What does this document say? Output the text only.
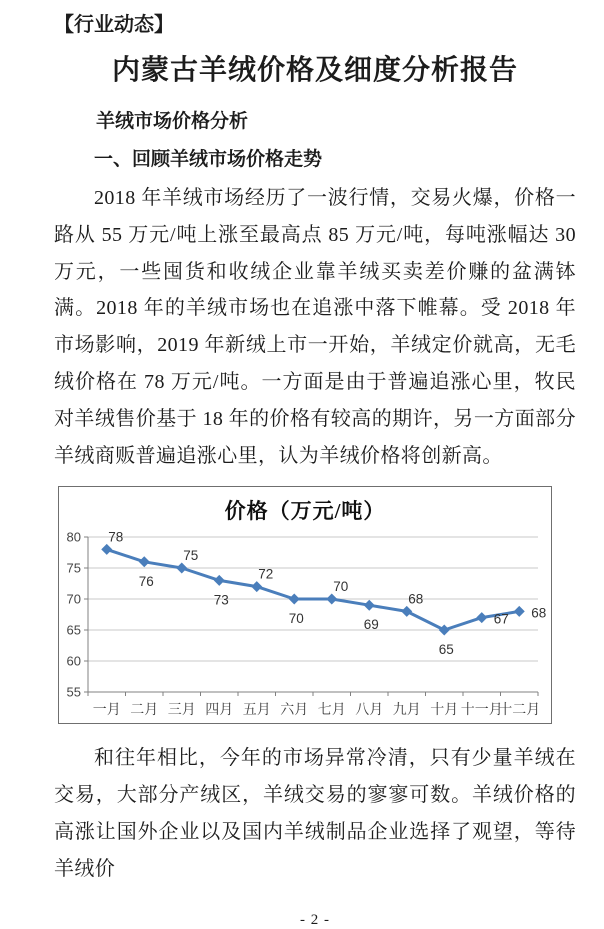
【行业动态】

内蒙古羊绒价格及细度分析报告
羊绒市场价格分析
一、回顾羊绒市场价格走势

2018 年羊绒市场经历了一波行情，交易火爆，价格一路从 55 万元/吨上涨至最高点 85 万元/吨，每吨涨幅达 30 万元，一些囤货和收绒企业靠羊绒买卖差价赚的盆满钵满。2018 年的羊绒市场也在追涨中落下帷幕。受 2018 年市场影响，2019 年新绒上市一开始，羊绒定价就高，无毛绒价格在 78 万元/吨。一方面是由于普遍追涨心里，牧民对羊绒售价基于 18 年的价格有较高的期许，另一方面部分羊绒商贩普遍追涨心里，认为羊绒价格将创新高。

55
60
65
70
75
80
一月 二月 三月 四月 五月 六月 七月 八月 九月 十月 十一月
十二月
价格（万元/吨）
78
76
75
73
72
70
70
69
68
65
67 68

和往年相比，今年的市场异常冷清，只有少量羊绒在交易，大部分产绒区，羊绒交易的寥寥可数。羊绒价格的高涨让国外企业以及国内羊绒制品企业选择了观望，等待羊绒价

- 2 -
